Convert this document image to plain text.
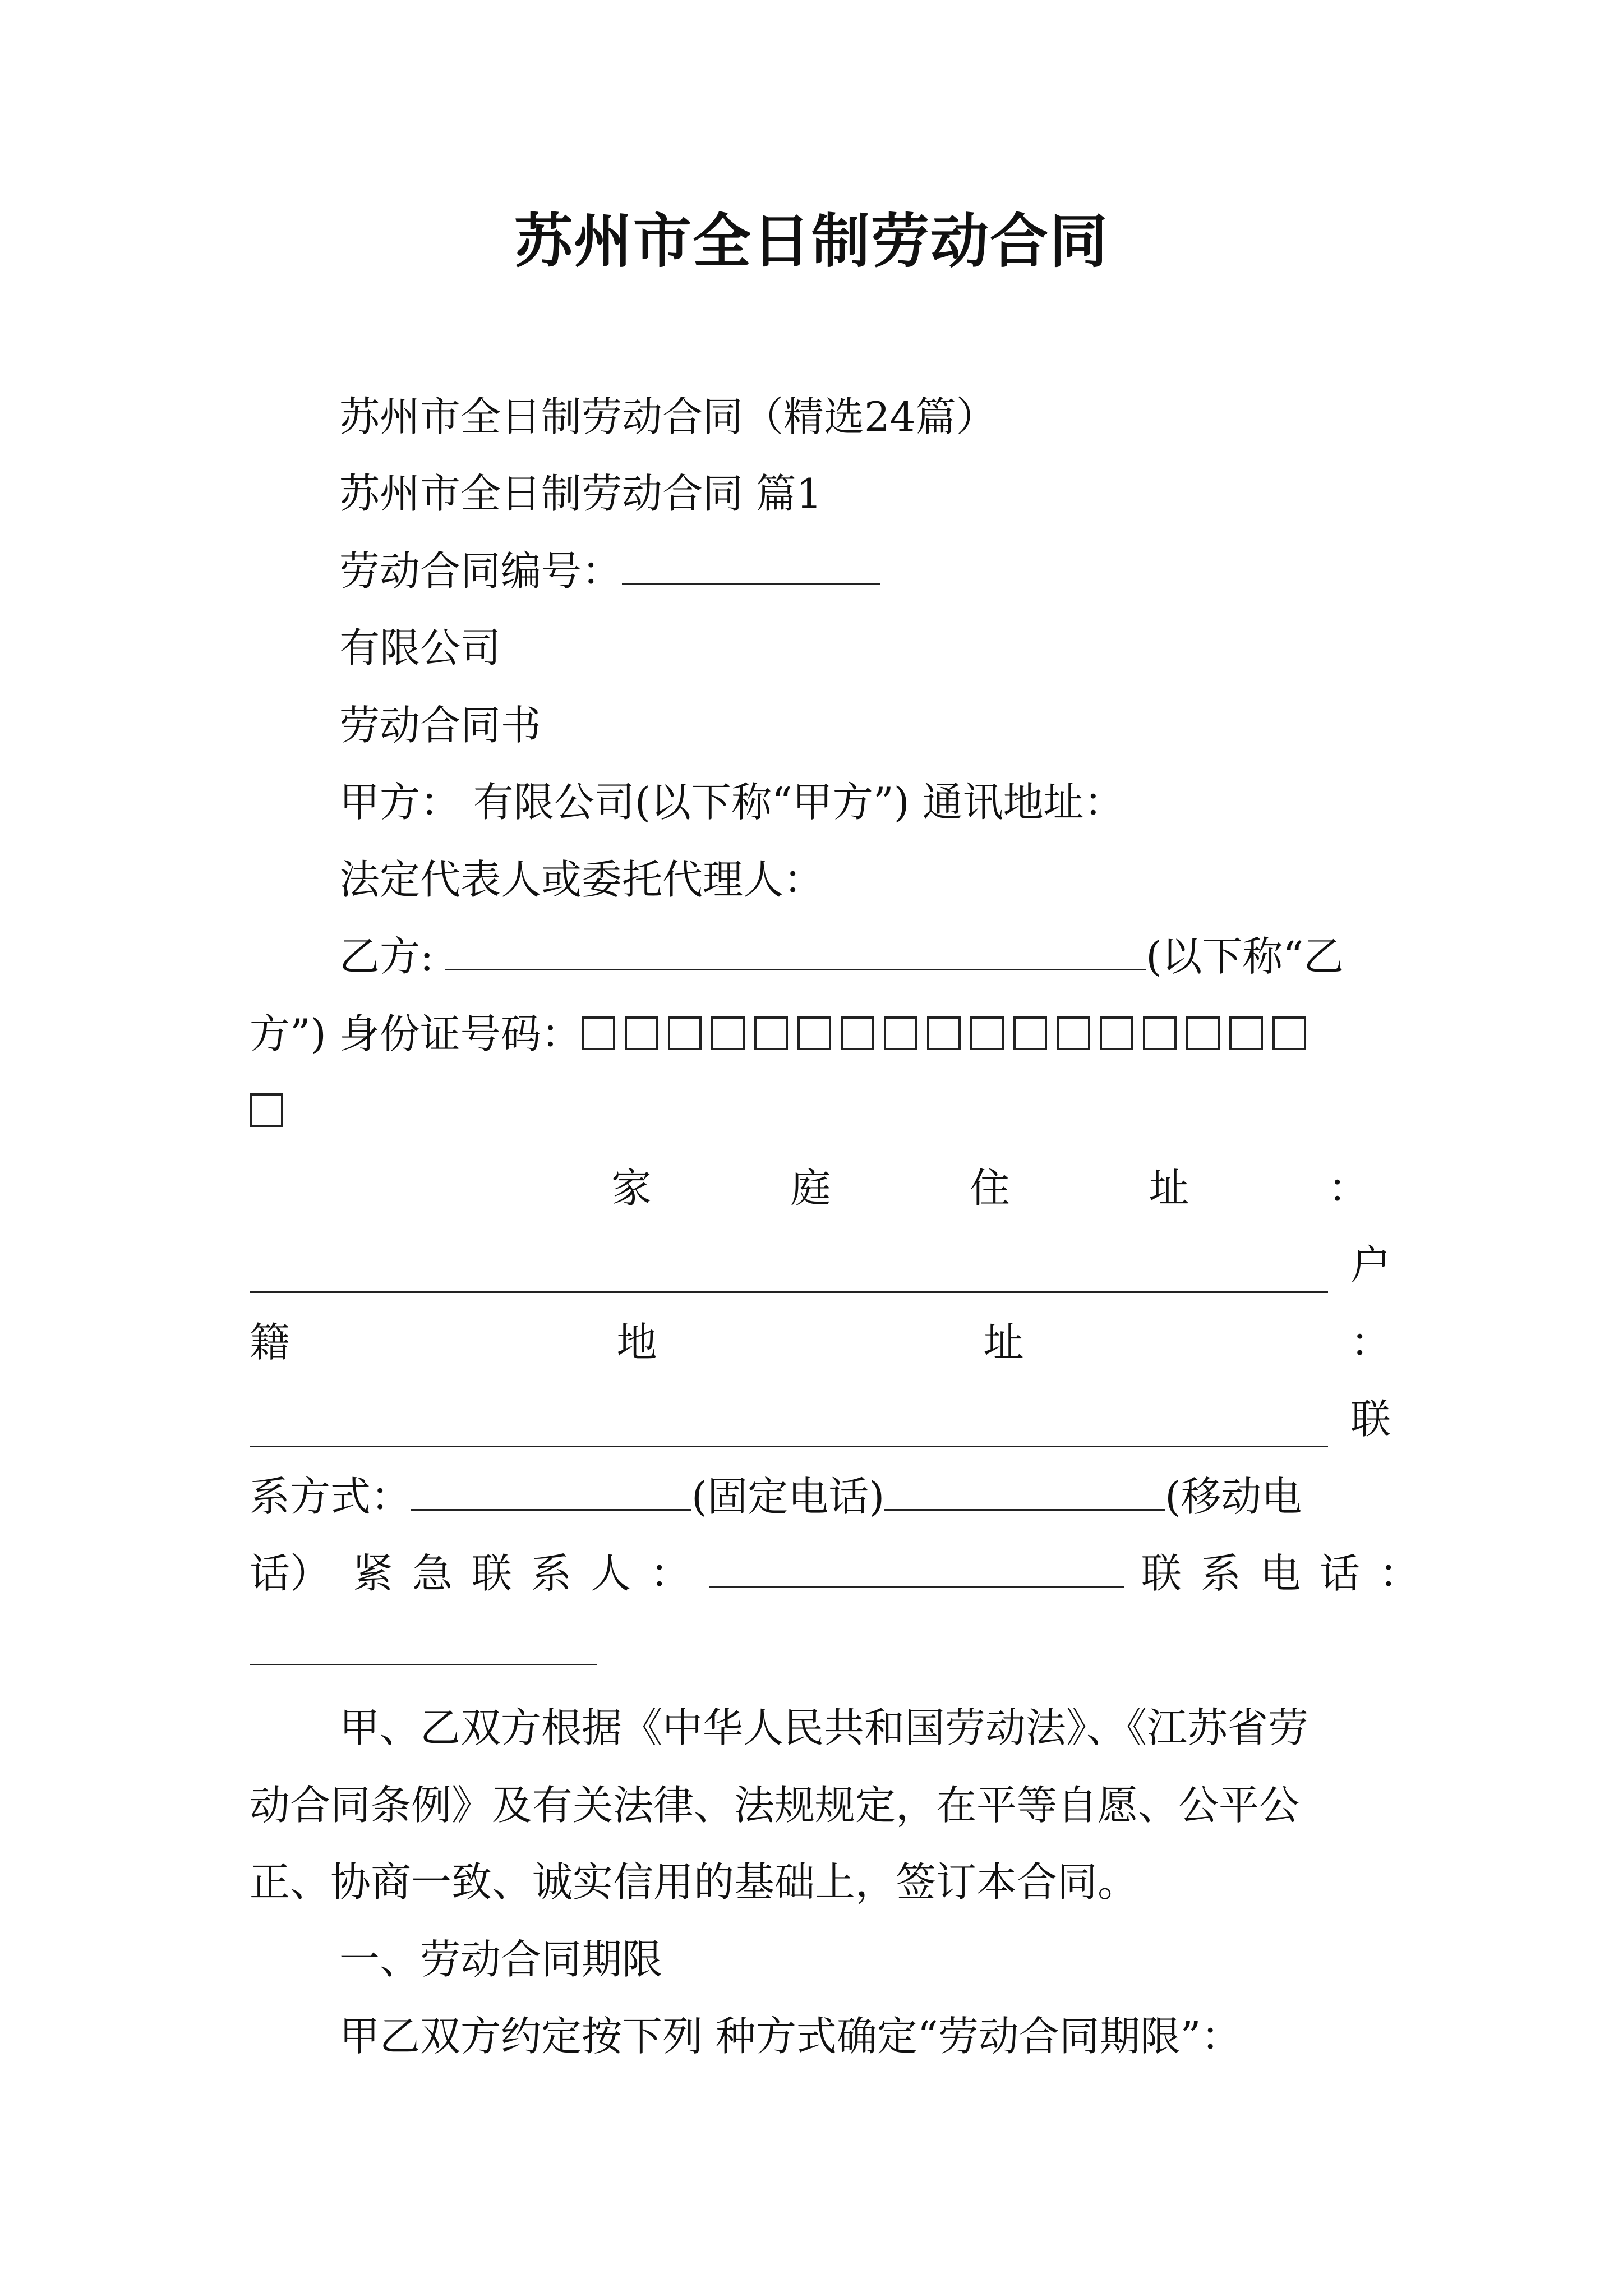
苏州市全日制劳动合同
苏州市全日制劳动合同（精选24篇）
苏州市全日制劳动合同 篇1
劳动合同编号：
有限公司
劳动合同书
甲方： 有限公司(以下称“甲方”) 通讯地址：
法定代表人或委托代理人：
乙方:	(以下称“乙
方”) 身份证号码：
家	庭	住	址	：
户
籍	地	址	：
联
系方式：	(固定电话)	(移动电
话） 紧急联系人：	联系电话：
甲、乙双方根据《中华人民共和国劳动法》、《江苏省劳
动合同条例》及有关法律、法规规定，在平等自愿、公平公
正、协商一致、诚实信用的基础上，签订本合同。
一、劳动合同期限
甲乙双方约定按下列 种方式确定“劳动合同期限”：
